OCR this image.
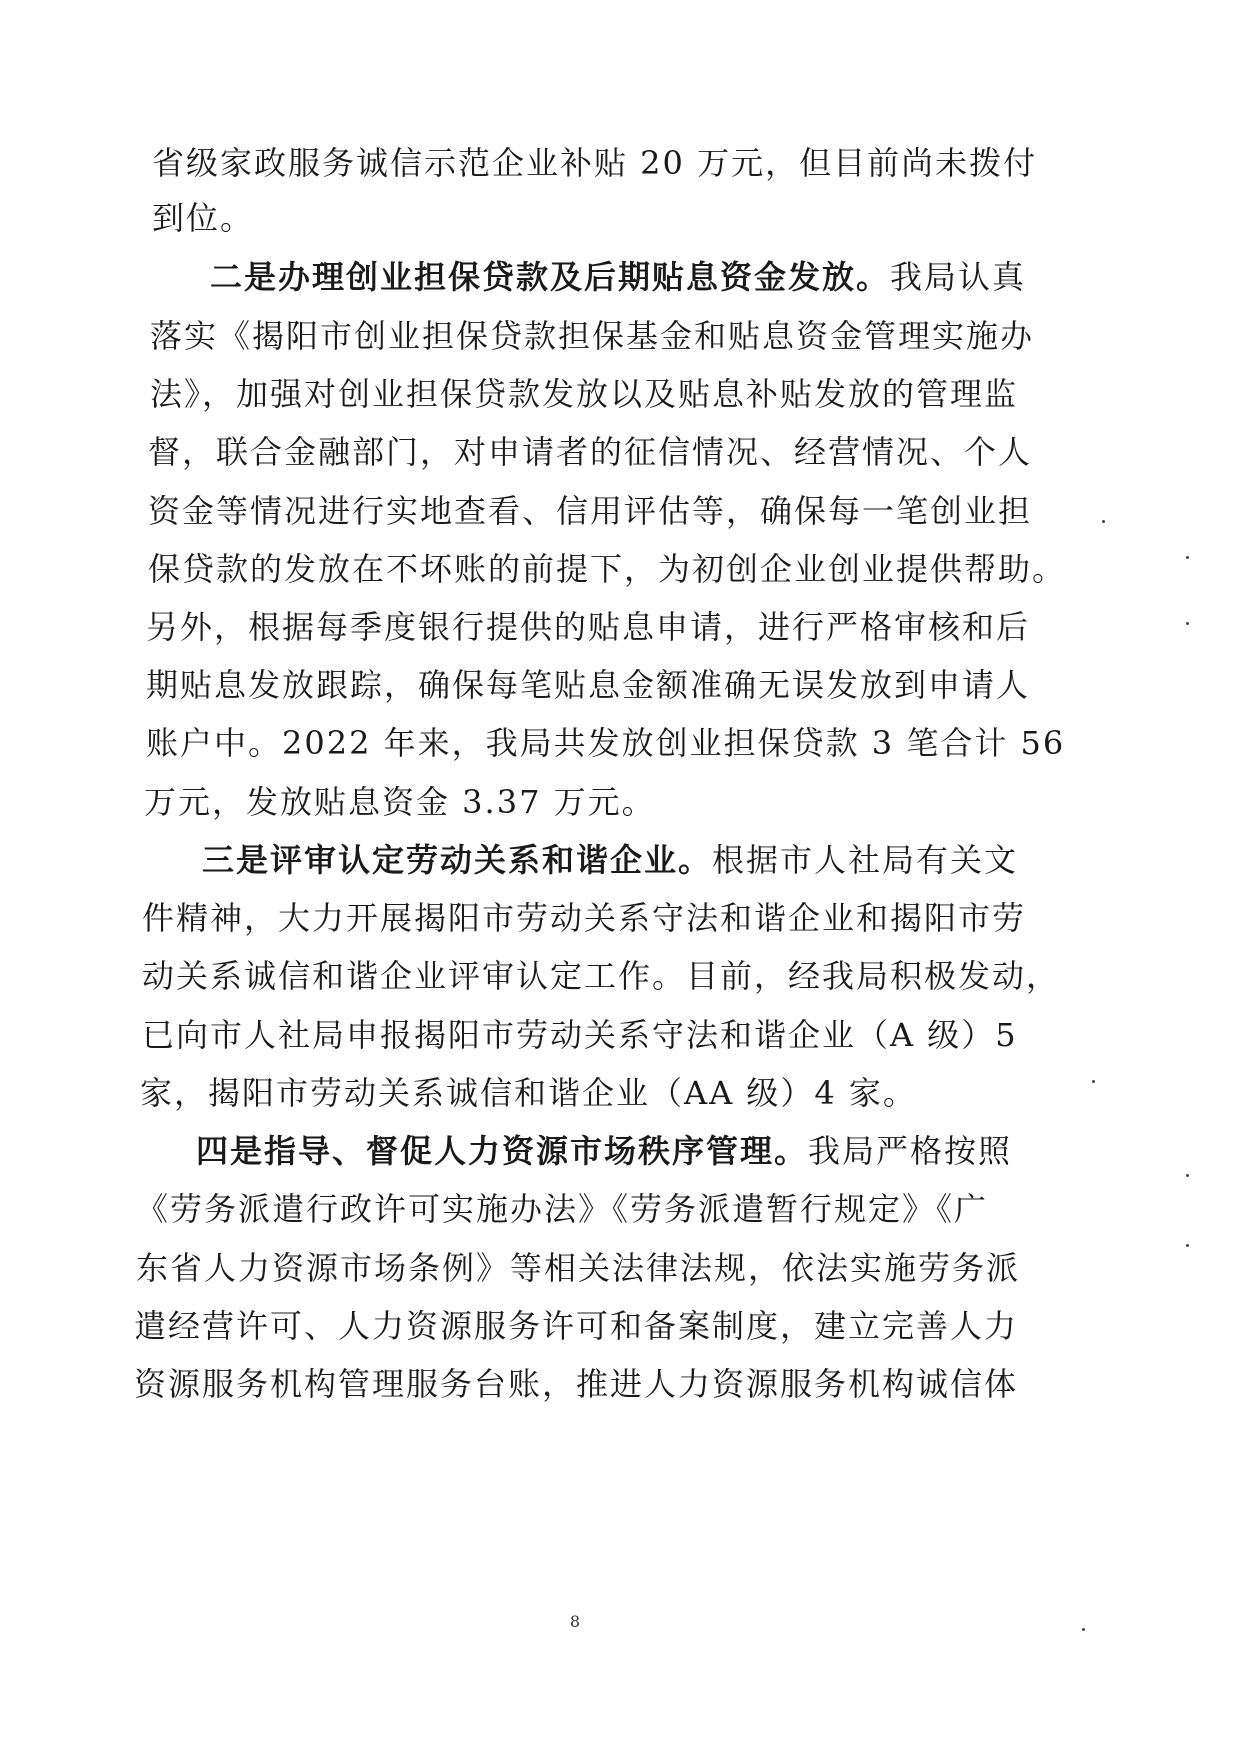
省级家政服务诚信示范企业补贴 20 万元，但目前尚未拨付
到位。
二是办理创业担保贷款及后期贴息资金发放。我局认真
落实《揭阳市创业担保贷款担保基金和贴息资金管理实施办
法》，加强对创业担保贷款发放以及贴息补贴发放的管理监
督，联合金融部门，对申请者的征信情况、经营情况、个人
资金等情况进行实地查看、信用评估等，确保每一笔创业担
保贷款的发放在不坏账的前提下，为初创企业创业提供帮助。
另外，根据每季度银行提供的贴息申请，进行严格审核和后
期贴息发放跟踪，确保每笔贴息金额准确无误发放到申请人
账户中。2022 年来，我局共发放创业担保贷款 3 笔合计 56
万元，发放贴息资金 3.37 万元。
三是评审认定劳动关系和谐企业。根据市人社局有关文
件精神，大力开展揭阳市劳动关系守法和谐企业和揭阳市劳
动关系诚信和谐企业评审认定工作。目前，经我局积极发动，
已向市人社局申报揭阳市劳动关系守法和谐企业（A 级）5
家，揭阳市劳动关系诚信和谐企业（AA 级）4 家。
四是指导、督促人力资源市场秩序管理。我局严格按照
《劳务派遣行政许可实施办法》《劳务派遣暂行规定》《广
东省人力资源市场条例》等相关法律法规，依法实施劳务派
遣经营许可、人力资源服务许可和备案制度，建立完善人力
资源服务机构管理服务台账，推进人力资源服务机构诚信体
8
